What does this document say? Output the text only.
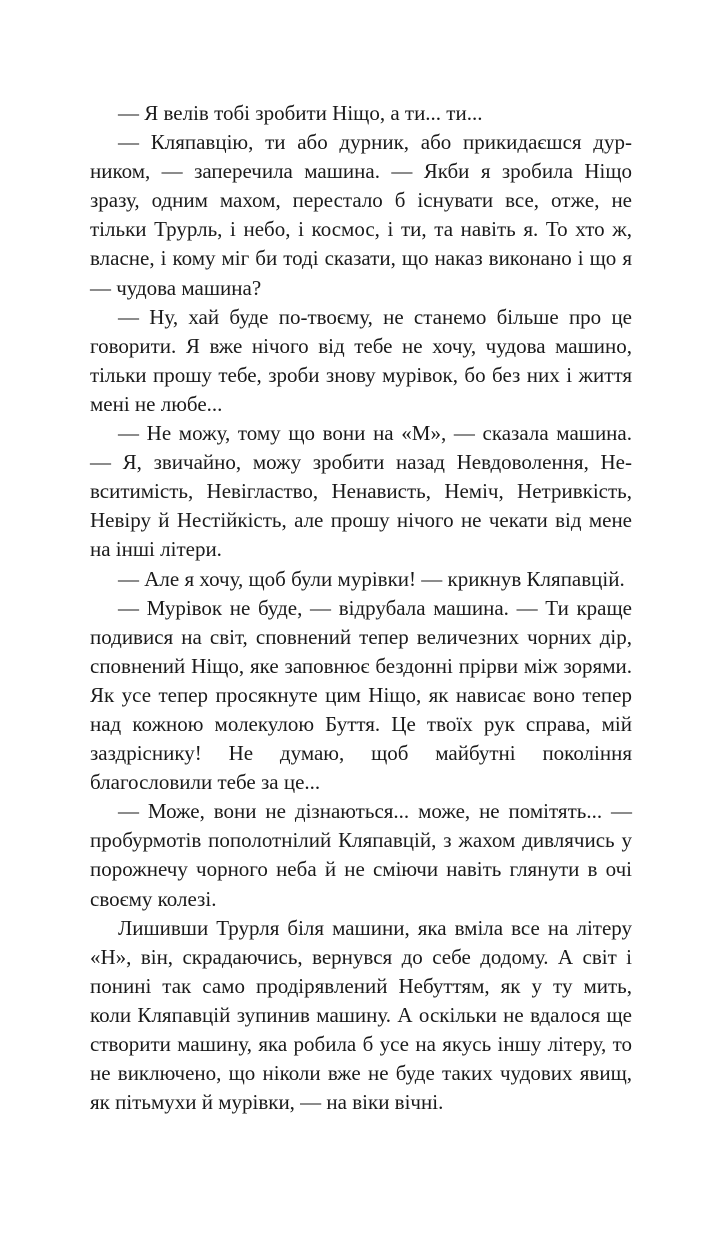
— Я велів тобі зробити Ніщо, а ти... ти...

— Кляпавцію, ти або дурник, або прикидаєшся дурником, — заперечила машина. — Якби я зробила Ніщо зразу, одним махом, перестало б існувати все, отже, не тільки Трурль, і небо, і космос, і ти, та навіть я. То хто ж, власне, і кому міг би тоді сказати, що наказ виконано і що я — чудова машина?

— Ну, хай буде по-твоєму, не станемо більше про це говорити. Я вже нічого від тебе не хочу, чудова машино, тільки прошу тебе, зроби знову мурівок, бо без них і життя мені не любе...

— Не можу, тому що вони на «М», — сказала машина. — Я, звичайно, можу зробити назад Невдоволення, Невситимість, Невігластво, Ненависть, Неміч, Нетривкість, Невіру й Нестійкість, але прошу нічого не чекати від мене на інші літери.

— Але я хочу, щоб були мурівки! — крикнув Кляпавцій.

— Мурівок не буде, — відрубала машина. — Ти краще подивися на світ, сповнений тепер величезних чорних дір, сповнений Ніщо, яке заповнює бездонні прірви між зорями. Як усе тепер просякнуте цим Ніщо, як нависає воно тепер над кожною молекулою Буття. Це твоїх рук справа, мій заздріснику! Не думаю, щоб майбутні покоління благословили тебе за це...

— Може, вони не дізнаються... може, не помітять... — пробурмотів пополотнілий Кляпавцій, з жахом дивлячись у порожнечу чорного неба й не сміючи навіть глянути в очі своєму колезі.

Лишивши Трурля біля машини, яка вміла все на літеру «Н», він, скрадаючись, вернувся до себе додому. А світ і понині так само продірявлений Небуттям, як у ту мить, коли Кляпавцій зупинив машину. А оскільки не вдалося ще створити машину, яка робила б усе на якусь іншу літеру, то не виключено, що ніколи вже не буде таких чудових явищ, як пітьмухи й мурівки, — на віки вічні.
